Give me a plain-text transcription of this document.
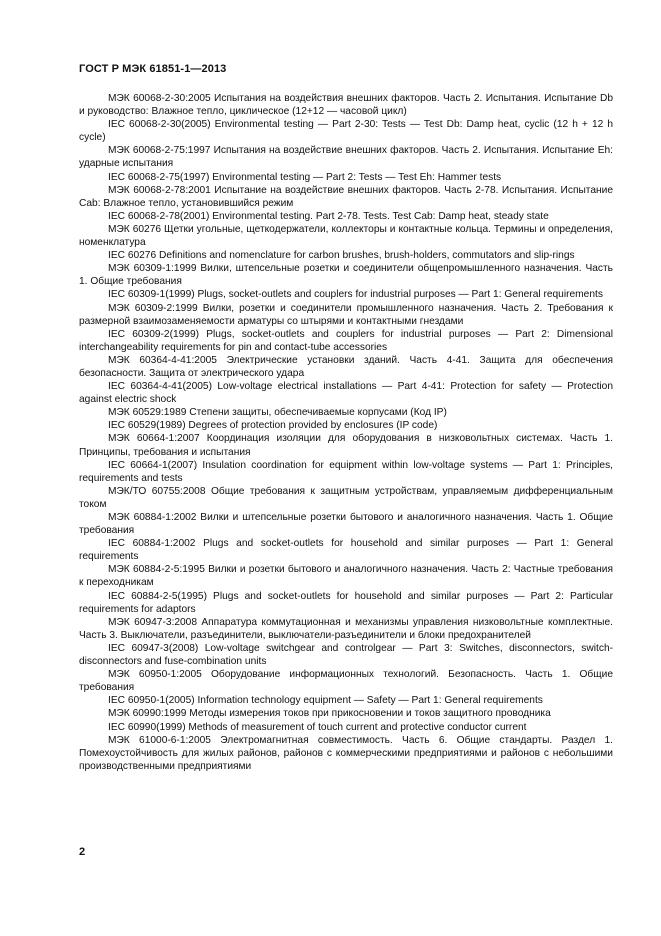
ГОСТ Р МЭК 61851-1—2013

МЭК 60068-2-30:2005 Испытания на воздействия внешних факторов. Часть 2. Испытания. Испытание Db и руководство: Влажное тепло, циклическое (12+12 — часовой цикл)

IEC 60068-2-30(2005) Environmental testing — Part 2-30: Tests — Test Db: Damp heat, cyclic (12 h + 12 h cycle)

МЭК 60068-2-75:1997 Испытания на воздействие внешних факторов. Часть 2. Испытания. Испытание Eh: ударные испытания

IEC 60068-2-75(1997) Environmental testing — Part 2: Tests — Test Eh: Hammer tests

МЭК 60068-2-78:2001 Испытание на воздействие внешних факторов. Часть 2-78. Испытания. Испытание Cab: Влажное тепло, установившийся режим

IEC 60068-2-78(2001) Environmental testing. Part 2-78. Tests. Test Cab: Damp heat, steady state

МЭК 60276 Щетки угольные, щеткодержатели, коллекторы и контактные кольца. Термины и определения, номенклатура

IEC 60276 Definitions and nomenclature for carbon brushes, brush-holders, commutators and slip-rings

МЭК 60309-1:1999 Вилки, штепсельные розетки и соединители общепромышленного назначения. Часть 1. Общие требования

IEC 60309-1(1999) Plugs, socket-outlets and couplers for industrial purposes — Part 1: General requirements

МЭК 60309-2:1999 Вилки, розетки и соединители промышленного назначения. Часть 2. Требования к размерной взаимозаменяемости арматуры со штырями и контактными гнездами

IEC 60309-2(1999) Plugs, socket-outlets and couplers for industrial purposes — Part 2: Dimensional interchangeability requirements for pin and contact-tube accessories

МЭК 60364-4-41:2005 Электрические установки зданий. Часть 4-41. Защита для обеспечения безопасности. Защита от электрического удара

IEC 60364-4-41(2005) Low-voltage electrical installations — Part 4-41: Protection for safety — Protection against electric shock

МЭК 60529:1989 Степени защиты, обеспечиваемые корпусами (Код IP)

IEC 60529(1989) Degrees of protection provided by enclosures (IP code)

МЭК 60664-1:2007 Координация изоляции для оборудования в низковольтных системах. Часть 1. Принципы, требования и испытания

IEC 60664-1(2007) Insulation coordination for equipment within low-voltage systems — Part 1: Principles, requirements and tests

МЭК/ТО 60755:2008 Общие требования к защитным устройствам, управляемым дифференциальным током

МЭК 60884-1:2002 Вилки и штепсельные розетки бытового и аналогичного назначения. Часть 1. Общие требования

IEC 60884-1:2002 Plugs and socket-outlets for household and similar purposes — Part 1: General requirements

МЭК 60884-2-5:1995 Вилки и розетки бытового и аналогичного назначения. Часть 2: Частные требования к переходникам

IEC 60884-2-5(1995) Plugs and socket-outlets for household and similar purposes — Part 2: Particular requirements for adaptors

МЭК 60947-3:2008 Аппаратура коммутационная и механизмы управления низковольтные комплектные. Часть 3. Выключатели, разъединители, выключатели-разъединители и блоки предохранителей

IEC 60947-3(2008) Low-voltage switchgear and controlgear — Part 3: Switches, disconnectors, switch-disconnectors and fuse-combination units

МЭК 60950-1:2005 Оборудование информационных технологий. Безопасность. Часть 1. Общие требования

IEC 60950-1(2005) Information technology equipment — Safety — Part 1: General requirements

МЭК 60990:1999 Методы измерения токов при прикосновении и токов защитного проводника

IEC 60990(1999) Methods of measurement of touch current and protective conductor current

МЭК 61000-6-1:2005 Электромагнитная совместимость. Часть 6. Общие стандарты. Раздел 1. Помехоустойчивость для жилых районов, районов с коммерческими предприятиями и районов с небольшими производственными предприятиями

2
